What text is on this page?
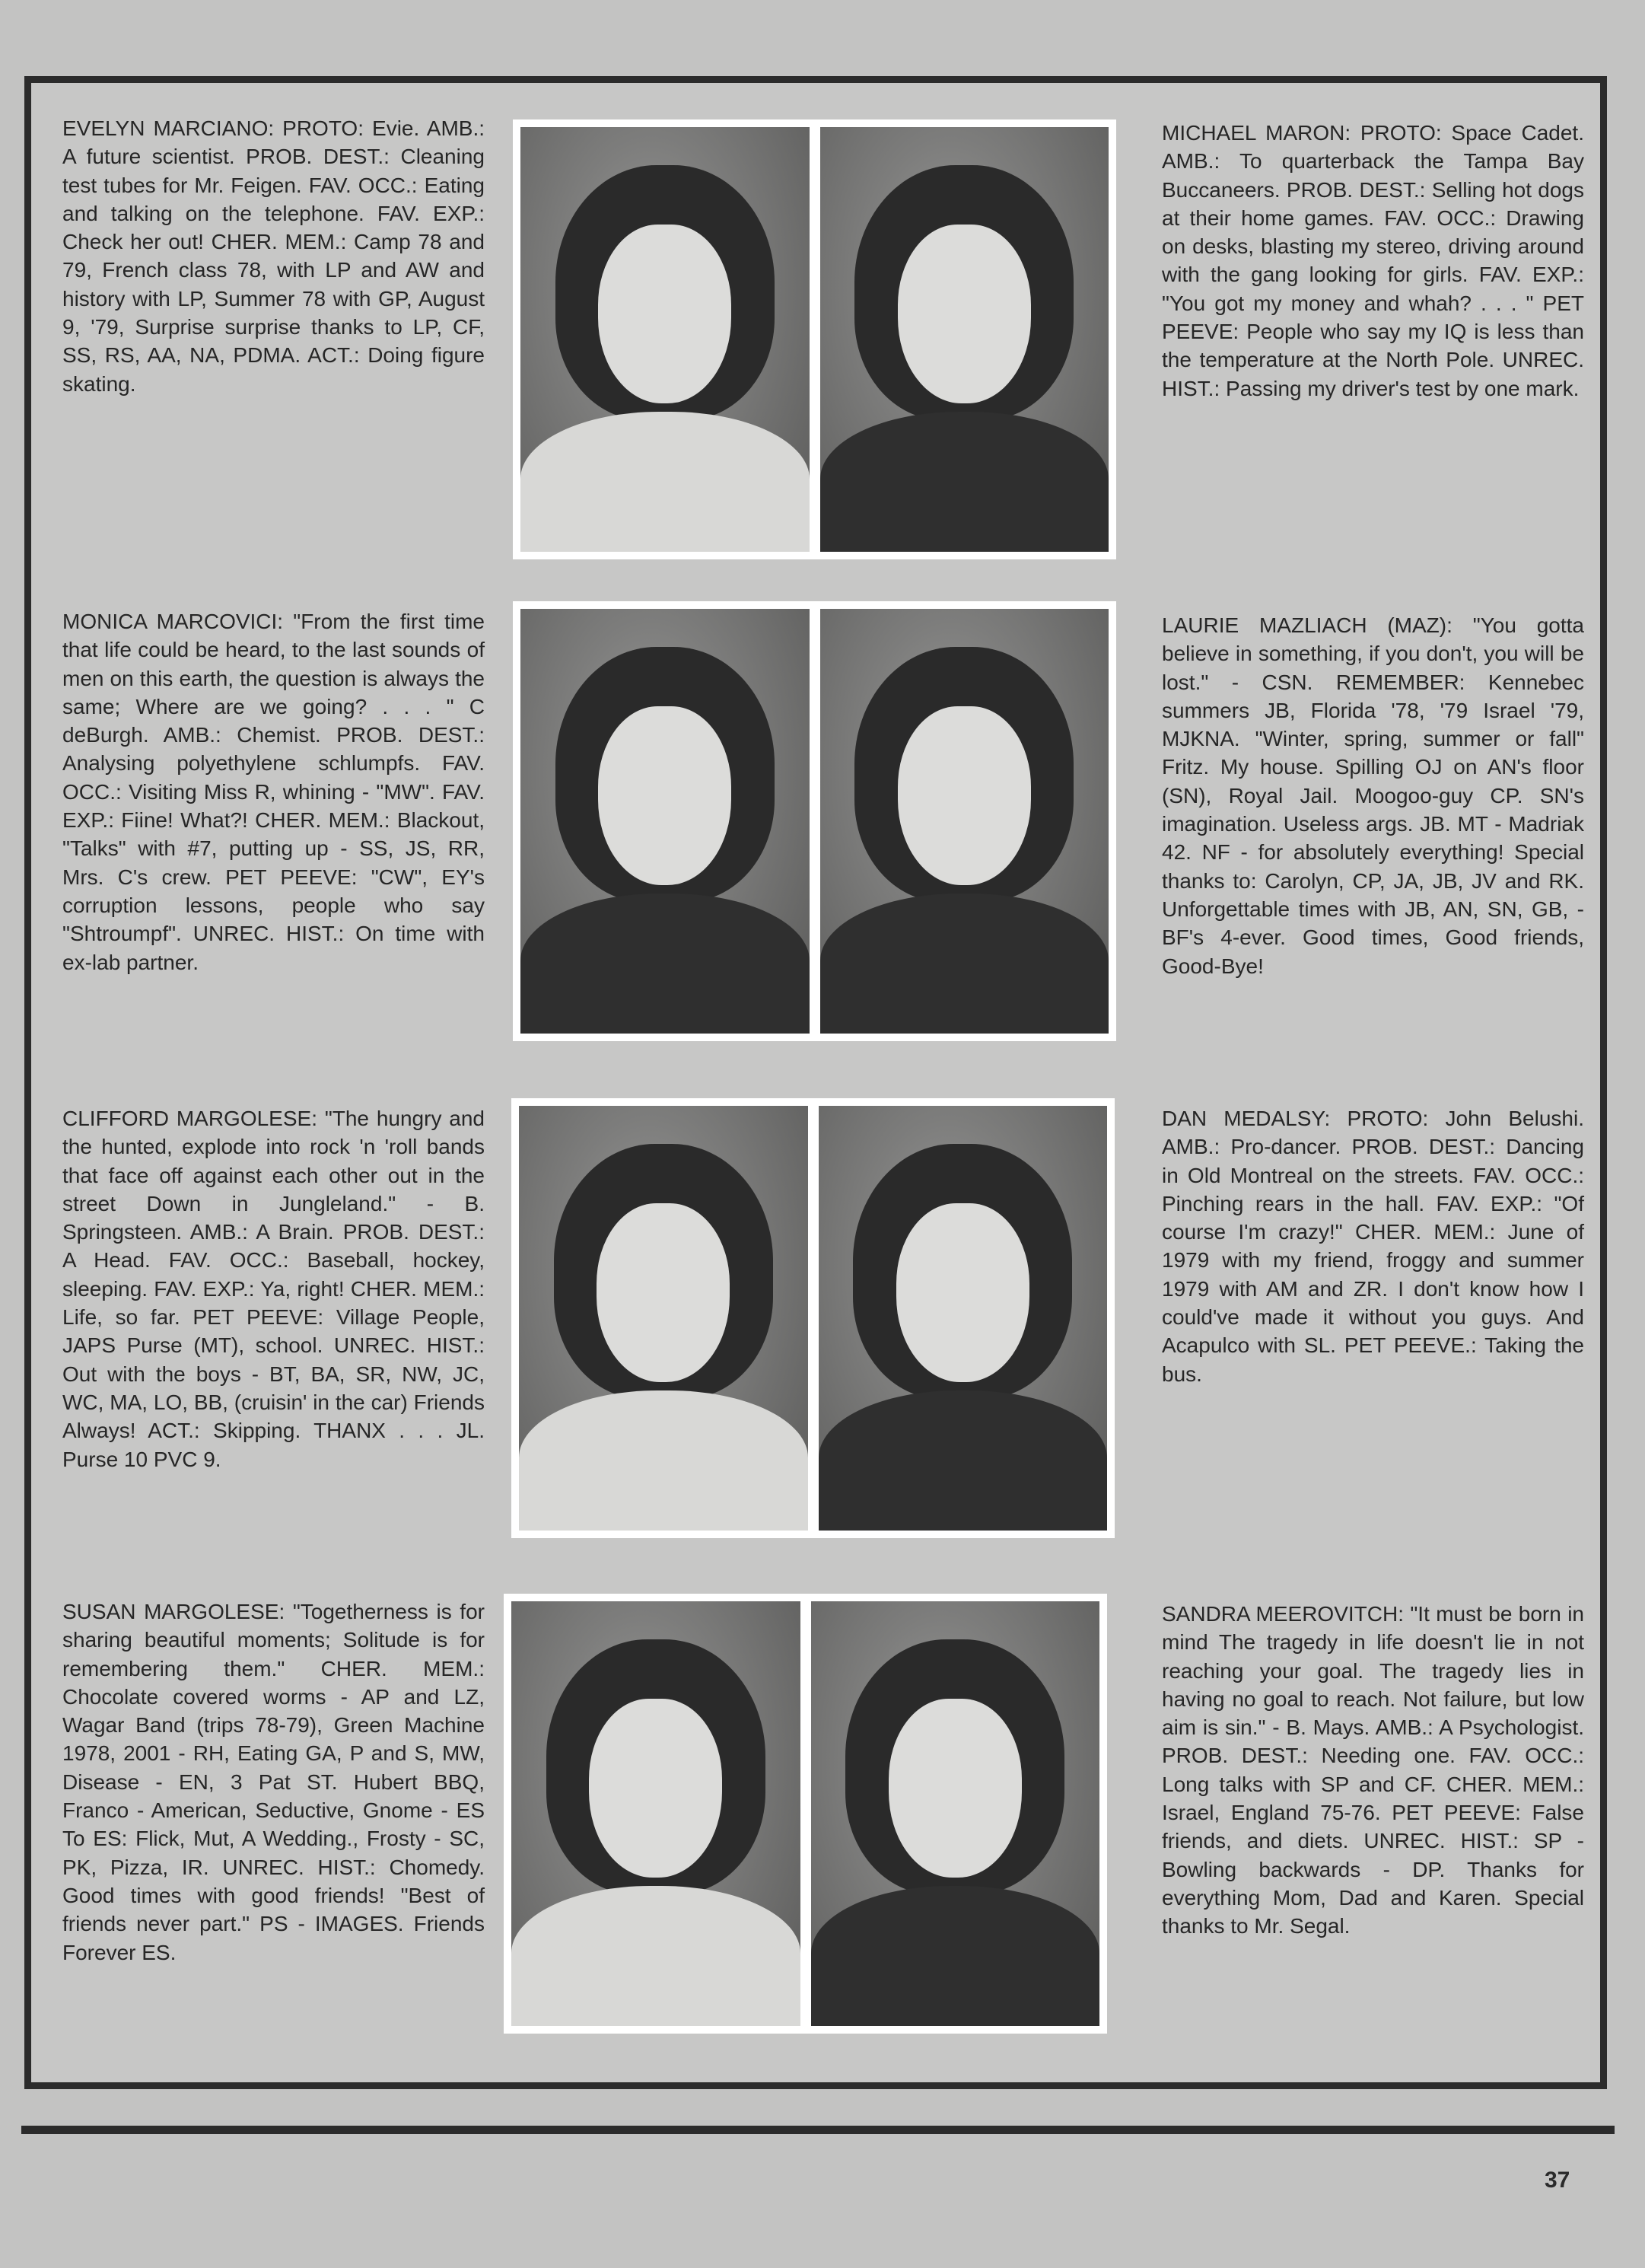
EVELYN MARCIANO: PROTO: Evie. AMB.: A future scientist. PROB. DEST.: Cleaning test tubes for Mr. Feigen. FAV. OCC.: Eating and talking on the telephone. FAV. EXP.: Check her out! CHER. MEM.: Camp 78 and 79, French class 78, with LP and AW and history with LP, Summer 78 with GP, August 9, '79, Surprise surprise thanks to LP, CF, SS, RS, AA, NA, PDMA. ACT.: Doing figure skating.

MICHAEL MARON: PROTO: Space Cadet. AMB.: To quarterback the Tampa Bay Buccaneers. PROB. DEST.: Selling hot dogs at their home games. FAV. OCC.: Drawing on desks, blasting my stereo, driving around with the gang looking for girls. FAV. EXP.: "You got my money and whah? . . . " PET PEEVE: People who say my IQ is less than the temperature at the North Pole. UNREC. HIST.: Passing my driver's test by one mark.

MONICA MARCOVICI: "From the first time that life could be heard, to the last sounds of men on this earth, the question is always the same; Where are we going? . . . " C deBurgh. AMB.: Chemist. PROB. DEST.: Analysing polyethylene schlumpfs. FAV. OCC.: Visiting Miss R, whining - "MW". FAV. EXP.: Fiine! What?! CHER. MEM.: Blackout, "Talks" with #7, putting up - SS, JS, RR, Mrs. C's crew. PET PEEVE: "CW", EY's corruption lessons, people who say "Shtroumpf". UNREC. HIST.: On time with ex-lab partner.

LAURIE MAZLIACH (MAZ): "You gotta believe in something, if you don't, you will be lost." - CSN. REMEMBER: Kennebec summers JB, Florida '78, '79 Israel '79, MJKNA. "Winter, spring, summer or fall" Fritz. My house. Spilling OJ on AN's floor (SN), Royal Jail. Moogoo-guy CP. SN's imagination. Useless args. JB. MT - Madriak 42. NF - for absolutely everything! Special thanks to: Carolyn, CP, JA, JB, JV and RK. Unforgettable times with JB, AN, SN, GB, - BF's 4-ever. Good times, Good friends, Good-Bye!

CLIFFORD MARGOLESE: "The hungry and the hunted, explode into rock 'n 'roll bands that face off against each other out in the street Down in Jungleland." - B. Springsteen. AMB.: A Brain. PROB. DEST.: A Head. FAV. OCC.: Baseball, hockey, sleeping. FAV. EXP.: Ya, right! CHER. MEM.: Life, so far. PET PEEVE: Village People, JAPS Purse (MT), school. UNREC. HIST.: Out with the boys - BT, BA, SR, NW, JC, WC, MA, LO, BB, (cruisin' in the car) Friends Always! ACT.: Skipping. THANX . . . JL. Purse 10 PVC 9.

DAN MEDALSY: PROTO: John Belushi. AMB.: Pro-dancer. PROB. DEST.: Dancing in Old Montreal on the streets. FAV. OCC.: Pinching rears in the hall. FAV. EXP.: "Of course I'm crazy!" CHER. MEM.: June of 1979 with my friend, froggy and summer 1979 with AM and ZR. I don't know how I could've made it without you guys. And Acapulco with SL. PET PEEVE.: Taking the bus.

SUSAN MARGOLESE: "Togetherness is for sharing beautiful moments; Solitude is for remembering them." CHER. MEM.: Chocolate covered worms - AP and LZ, Wagar Band (trips 78-79), Green Machine 1978, 2001 - RH, Eating GA, P and S, MW, Disease - EN, 3 Pat ST. Hubert BBQ, Franco - American, Seductive, Gnome - ES To ES: Flick, Mut, A Wedding., Frosty - SC, PK, Pizza, IR. UNREC. HIST.: Chomedy. Good times with good friends! "Best of friends never part." PS - IMAGES. Friends Forever ES.

SANDRA MEEROVITCH: "It must be born in mind The tragedy in life doesn't lie in not reaching your goal. The tragedy lies in having no goal to reach. Not failure, but low aim is sin." - B. Mays. AMB.: A Psychologist. PROB. DEST.: Needing one. FAV. OCC.: Long talks with SP and CF. CHER. MEM.: Israel, England 75-76. PET PEEVE: False friends, and diets. UNREC. HIST.: SP - Bowling backwards - DP. Thanks for everything Mom, Dad and Karen. Special thanks to Mr. Segal.

37
